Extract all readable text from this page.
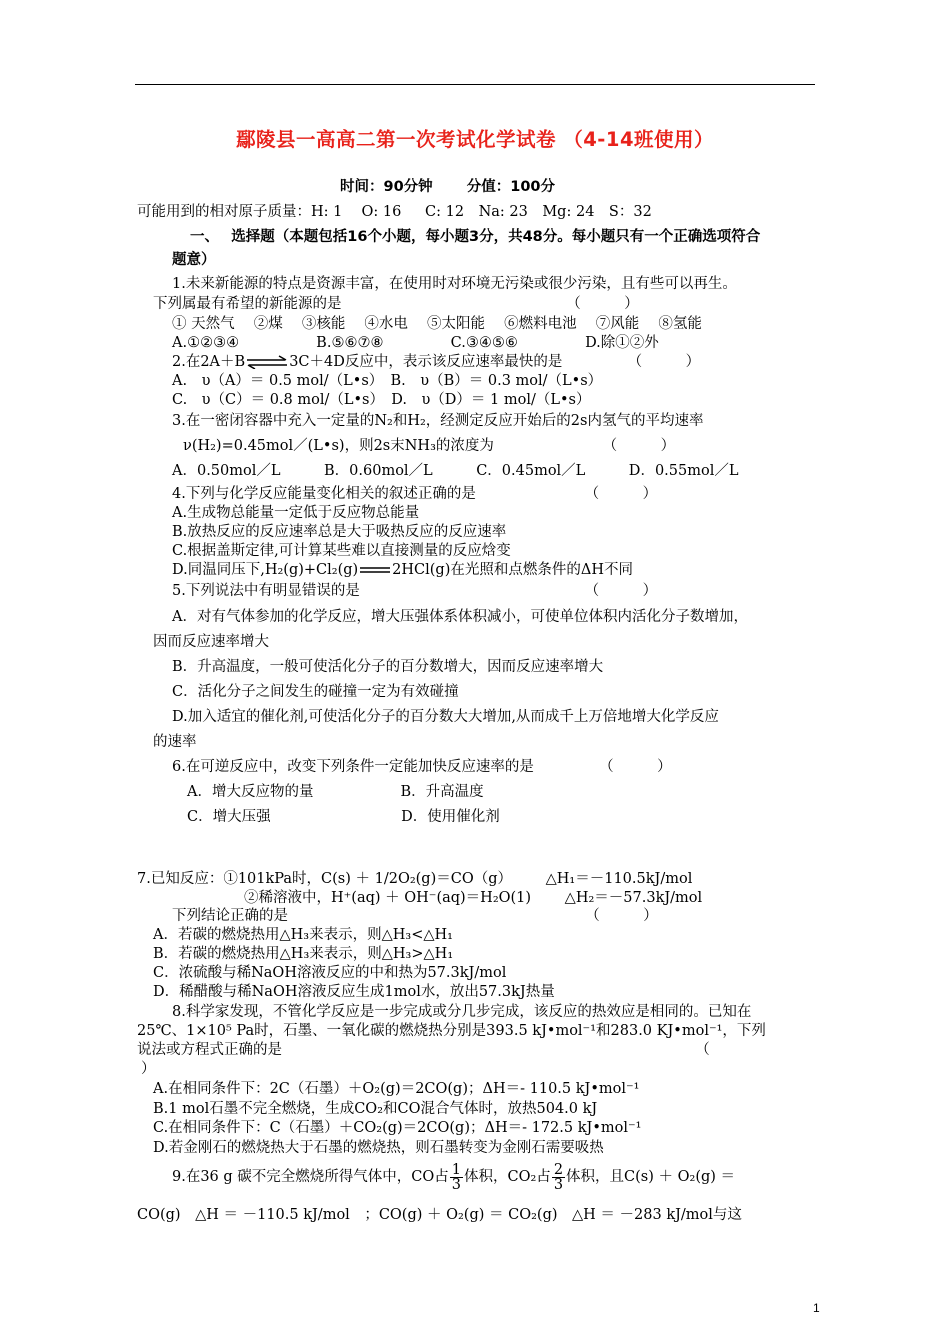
鄢陵县一高高二第一次考试化学试卷 （4-14班使用）
时间：90分钟　　 分值：100分
可能用到的相对原子质量：H: 1　 O: 16 　 C: 12　Na: 23　Mg: 24　S：32
一、　 选择题（本题包括16个小题，每小题3分，共48分。每小题只有一个正确选项符合
题意）
1.未来新能源的特点是资源丰富，在使用时对环境无污染或很少污染，且有些可以再生。
下列属最有希望的新能源的是　　　　　　　　　　　　　　　　（　　　）
① 天然气 　②煤 　③核能 　④水电 　⑤太阳能 　⑥燃料电池 　⑦风能 　⑧氢能
A.①②③④　　　　　 B.⑤⑥⑦⑧ 　　　　 C.③④⑤⑥ 　　　　 D.除①②外
2.在2A＋B⇌3C＋4D反应中，表示该反应速率最快的是　　　　　（　　　）
A.　υ（A）＝ 0.5 mol/（L•s）　B.　υ（B）＝ 0.3 mol/（L•s）
C.　υ（C）＝ 0.8 mol/（L•s）　D.　υ（D）＝ 1 mol/（L•s）
3.在一密闭容器中充入一定量的N₂和H₂，经测定反应开始后的2s内氢气的平均速率
ν(H₂)=0.45mol／(L•s)，则2s末NH₃的浓度为　　　　　　　　（　　　）
A．0.50mol／L　　　B．0.60mol／L　　　C．0.45mol／L　　　D．0.55mol／L
4.下列与化学反应能量变化相关的叙述正确的是　　　　　　　　（　　　）
A.生成物总能量一定低于反应物总能量
B.放热反应的反应速率总是大于吸热反应的反应速率
C.根据盖斯定律,可计算某些难以直接测量的反应焓变
D.同温同压下,H₂(g)+Cl₂(g) 2HCl(g)在光照和点燃条件的ΔH不同
5.下列说法中有明显错误的是　　　　　　　　　　　　　　　　（　　　）
A．对有气体参加的化学反应，增大压强体系体积减小，可使单位体积内活化分子数增加，
因而反应速率增大
B．升高温度，一般可使活化分子的百分数增大，因而反应速率增大
C．活化分子之间发生的碰撞一定为有效碰撞
D.加入适宜的催化剂,可使活化分子的百分数大大增加,从而成千上万倍地增大化学反应
的速率
6.在可逆反应中，改变下列条件一定能加快反应速率的是　　　　　（　　　）
A．增大反应物的量　　　　　　B．升高温度
C．增大压强　　　　　　　　　D．使用催化剂
7.已知反应：①101kPa时，C(s) ＋ 1/2O₂(g)＝CO（g） 　　△H₁＝－110.5kJ/mol
②稀溶液中，H⁺(aq) ＋ OH⁻(aq)＝H₂O(1) 　　△H₂＝－57.3kJ/mol
下列结论正确的是　　　　　　　　　　　　　　　　　　　　　（　　　）
A．若碳的燃烧热用△H₃来表示，则△H₃<△H₁
B．若碳的燃烧热用△H₃来表示，则△H₃>△H₁
C．浓硫酸与稀NaOH溶液反应的中和热为57.3kJ/mol
D．稀醋酸与稀NaOH溶液反应生成1mol水，放出57.3kJ热量
8.科学家发现，不管化学反应是一步完成或分几步完成，该反应的热效应是相同的。已知在
25℃、1×10⁵ Pa时，石墨、一氧化碳的燃烧热分别是393.5 kJ•mol⁻¹和283.0 KJ•mol⁻¹，下列
说法或方程式正确的是　　　　　　　　　　　　　　　　　　　　　　　　　　　　　（
）
A.在相同条件下：2C（石墨）＋O₂(g)＝2CO(g)；ΔH＝- 110.5 kJ•mol⁻¹
B.1 mol石墨不完全燃烧，生成CO₂和CO混合气体时，放热504.0 kJ
C.在相同条件下：C（石墨）＋CO₂(g)＝2CO(g)；ΔH＝- 172.5 kJ•mol⁻¹
D.若金刚石的燃烧热大于石墨的燃烧热，则石墨转变为金刚石需要吸热
9.在36 g 碳不完全燃烧所得气体中，CO占 $\frac{1}{3}$ 体积，CO₂占 $\frac{2}{3}$ 体积，且C(s) ＋ O₂(g) ＝
CO(g)　△H ＝ －110.5 kJ/mol　；CO(g) ＋ O₂(g) ＝ CO₂(g)　△H ＝ －283 kJ/mol与这
1
